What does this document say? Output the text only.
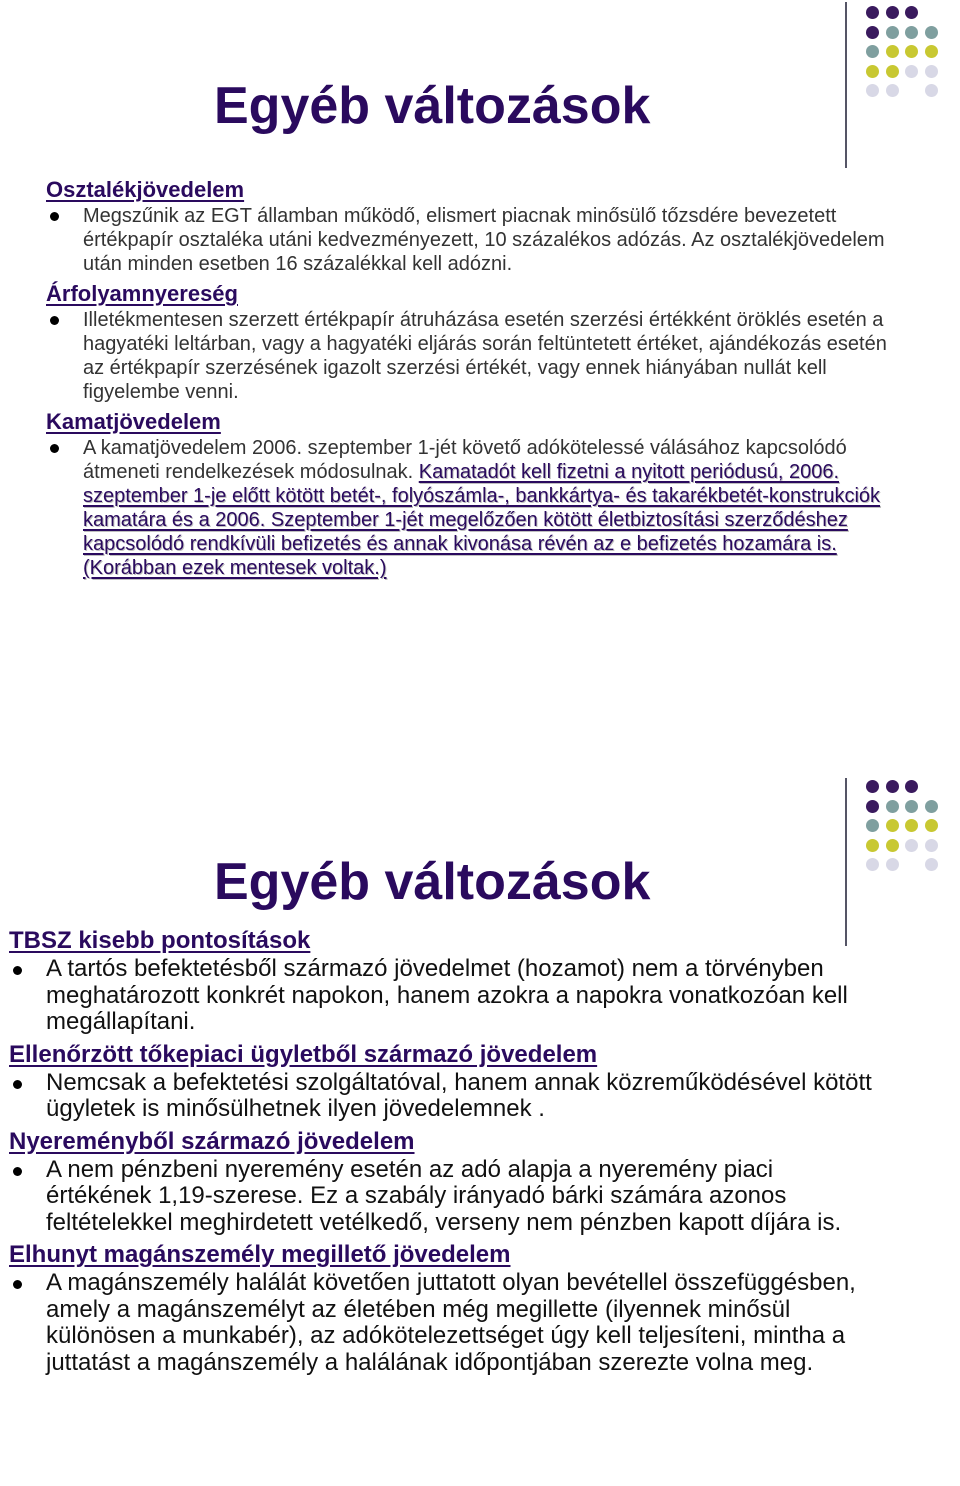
Egyéb változások
Osztalékjövedelem
Megszűnik az EGT államban működő, elismert piacnak minősülő tőzsdére bevezetett értékpapír osztaléka utáni kedvezményezett, 10 százalékos adózás. Az osztalékjövedelem után minden esetben 16 százalékkal kell adózni.
Árfolyamnyereség
Illetékmentesen szerzett értékpapír átruházása esetén szerzési értékként öröklés esetén a hagyatéki leltárban, vagy a hagyatéki eljárás során feltüntetett értéket, ajándékozás esetén az értékpapír szerzésének igazolt szerzési értékét, vagy ennek hiányában nullát kell figyelembe venni.
Kamatjövedelem
A kamatjövedelem 2006. szeptember 1-jét követő adókötelessé válásához kapcsolódó átmeneti rendelkezések módosulnak. Kamatadót kell fizetni a nyitott periódusú, 2006. szeptember 1-je előtt kötött betét-, folyószámla-, bankkártya- és takarékbetét-konstrukciók kamatára és a 2006. Szeptember 1-jét megelőzően kötött életbiztosítási szerződéshez kapcsolódó rendkívüli befizetés és annak kivonása révén az e befizetés hozamára is. (Korábban ezek mentesek voltak.)
Egyéb változások
TBSZ kisebb pontosítások
A tartós befektetésből származó jövedelmet (hozamot) nem a törvényben meghatározott konkrét napokon, hanem azokra a napokra vonatkozóan kell megállapítani.
Ellenőrzött tőkepiaci ügyletből származó jövedelem
Nemcsak a befektetési szolgáltatóval, hanem annak közreműködésével kötött ügyletek is minősülhetnek ilyen jövedelemnek .
Nyereményből származó jövedelem
A nem pénzbeni nyeremény esetén az adó alapja a nyeremény piaci értékének 1,19-szerese. Ez a szabály irányadó bárki számára azonos feltételekkel meghirdetett vetélkedő, verseny nem pénzben kapott díjára is.
Elhunyt magánszemély megillető jövedelem
A magánszemély halálát követően juttatott olyan bevétellel összefüggésben, amely a magánszemélyt az életében még megillette (ilyennek minősül különösen a munkabér), az adókötelezettséget úgy kell teljesíteni, mintha a juttatást a magánszemély a halálának időpontjában szerezte volna meg.
